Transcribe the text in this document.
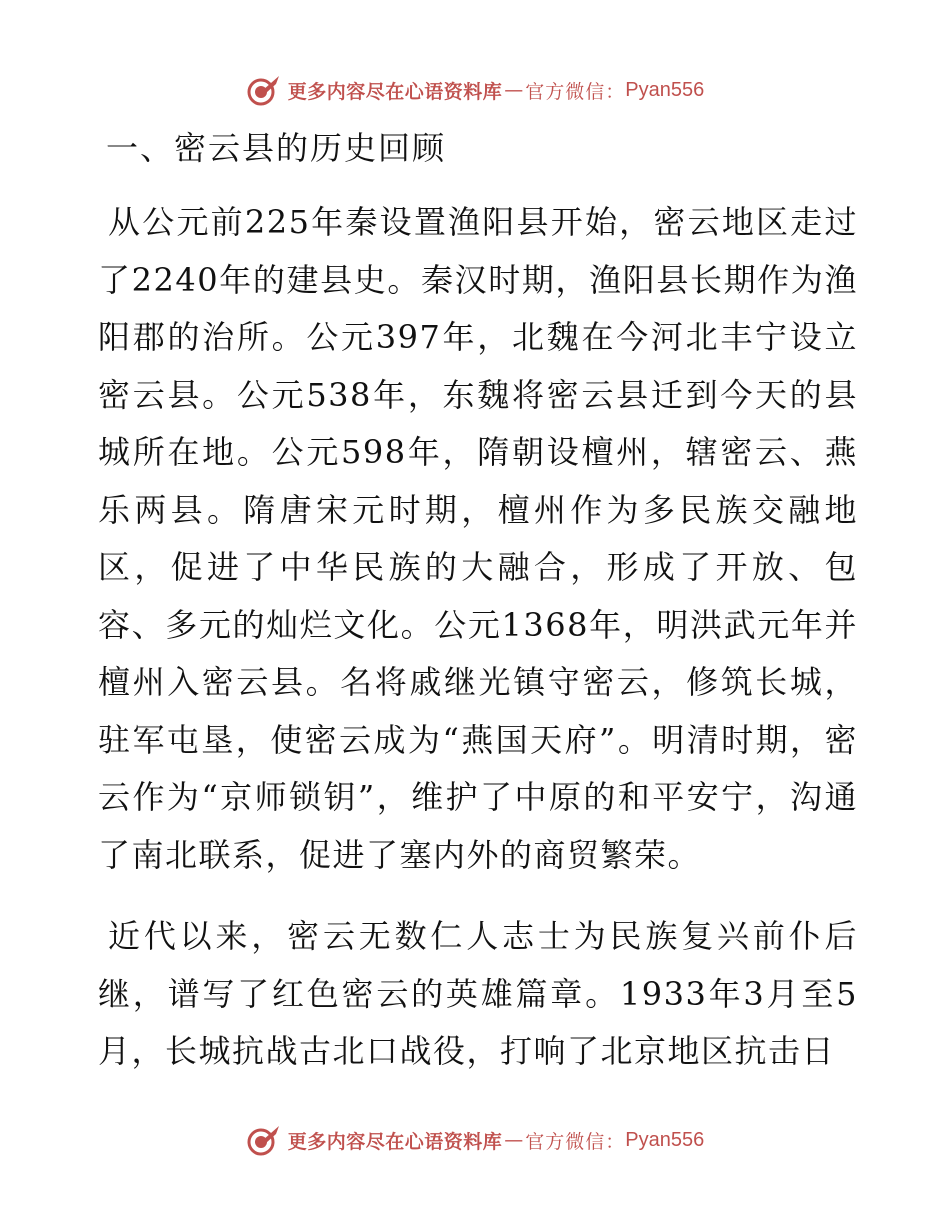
更多内容尽在心语资料库 — 官方微信： Pyan556
一、密云县的历史回顾

从公元前225年秦设置渔阳县开始，密云地区走过了2240年的建县史。秦汉时期，渔阳县长期作为渔阳郡的治所。公元397年，北魏在今河北丰宁设立密云县。公元538年，东魏将密云县迁到今天的县城所在地。公元598年，隋朝设檀州，辖密云、燕乐两县。隋唐宋元时期，檀州作为多民族交融地区，促进了中华民族的大融合，形成了开放、包容、多元的灿烂文化。公元1368年，明洪武元年并檀州入密云县。名将戚继光镇守密云，修筑长城，驻军屯垦，使密云成为“燕国天府”。明清时期，密云作为“京师锁钥”，维护了中原的和平安宁，沟通了南北联系，促进了塞内外的商贸繁荣。

近代以来，密云无数仁人志士为民族复兴前仆后继，谱写了红色密云的英雄篇章。1933年3月至5月，长城抗战古北口战役，打响了北京地区抗击日

更多内容尽在心语资料库 — 官方微信： Pyan556
